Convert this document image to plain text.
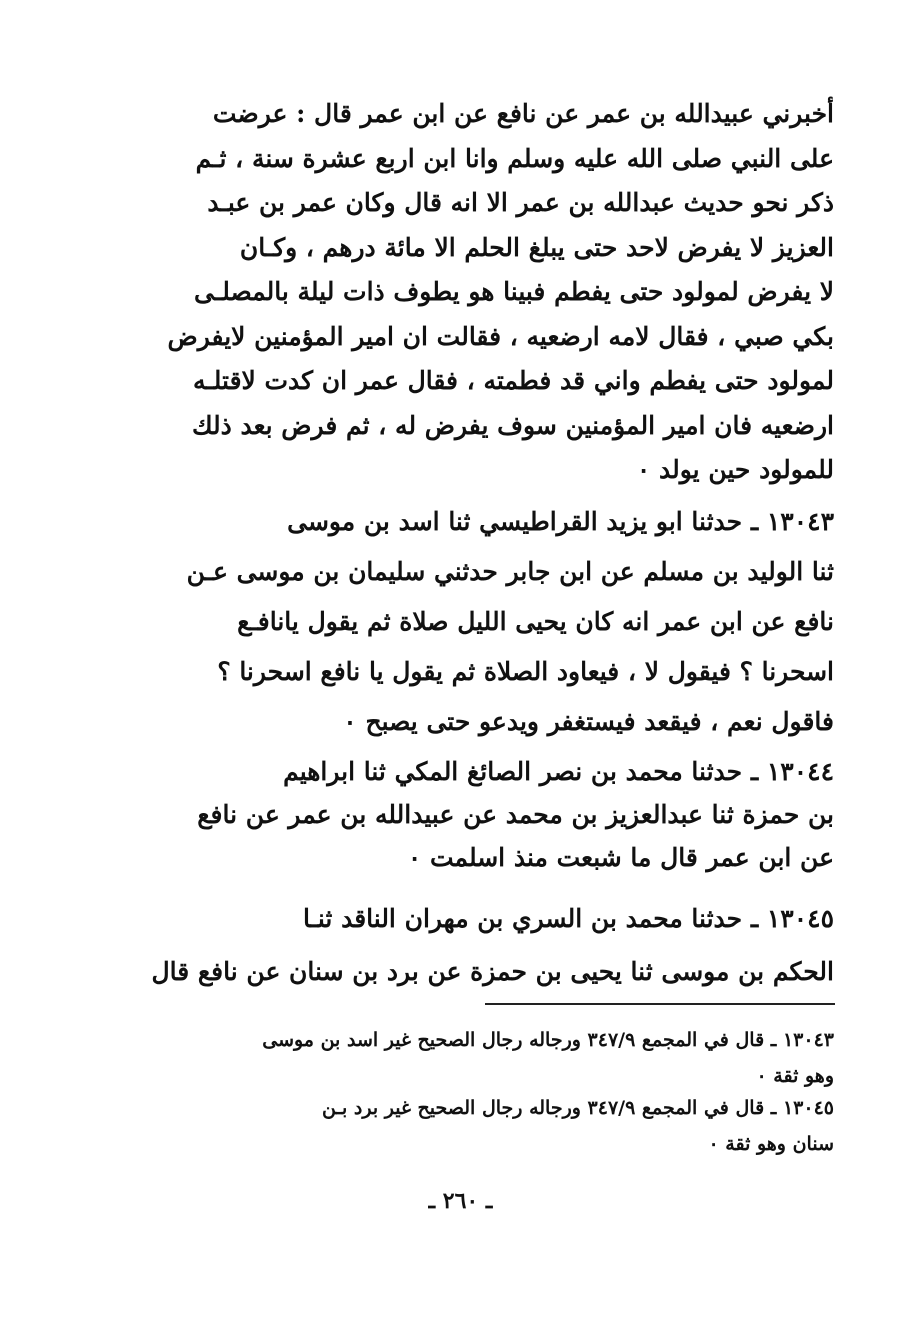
أخبرني عبيدالله بن عمر عن نافع عن ابن عمر قال : عرضت
على النبي صلى الله عليه وسلم وانا ابن اربع عشرة سنة ، ثـم
ذكر نحو حديث عبدالله بن عمر الا انه قال وكان عمر بن عبـد
العزيز لا يفرض لاحد حتى يبلغ الحلم الا مائة درهم ، وكـان
لا يفرض لمولود حتى يفطم فبينا هو يطوف ذات ليلة بالمصلـى
بكي صبي ، فقال لامه ارضعيه ، فقالت ان امير المؤمنين لايفرض
لمولود حتى يفطم واني قد فطمته ، فقال عمر ان كدت لاقتلـه
ارضعيه فان امير المؤمنين سوف يفرض له ، ثم فرض بعد ذلك
للمولود حين يولد ٠

١٣٠٤٣ ـ حدثنا ابو يزيد القراطيسي ثنا اسد بن موسى
ثنا الوليد بن مسلم عن ابن جابر حدثني سليمان بن موسى عـن
نافع عن ابن عمر انه كان يحيى الليل صلاة ثم يقول يانافـع
اسحرنا ؟ فيقول لا ، فيعاود الصلاة ثم يقول يا نافع اسحرنا ؟
فاقول نعم ، فيقعد فيستغفر ويدعو حتى يصبح ٠

١٣٠٤٤ ـ حدثنا محمد بن نصر الصائغ المكي ثنا ابراهيم
بن حمزة ثنا عبدالعزيز بن محمد عن عبيدالله بن عمر عن نافع
عن ابن عمر قال ما شبعت منذ اسلمت ٠

١٣٠٤٥ ـ حدثنا محمد بن السري بن مهران الناقد ثنـا
الحكم بن موسى ثنا يحيى بن حمزة عن برد بن سنان عن نافع قال

١٣٠٤٣ ـ قال في المجمع ٣٤٧/٩ ورجاله رجال الصحيح غير اسد بن موسى
وهو ثقة ٠

١٣٠٤٥ ـ قال في المجمع ٣٤٧/٩ ورجاله رجال الصحيح غير برد بـن
سنان وهو ثقة ٠

ـ ٢٦٠ ـ
